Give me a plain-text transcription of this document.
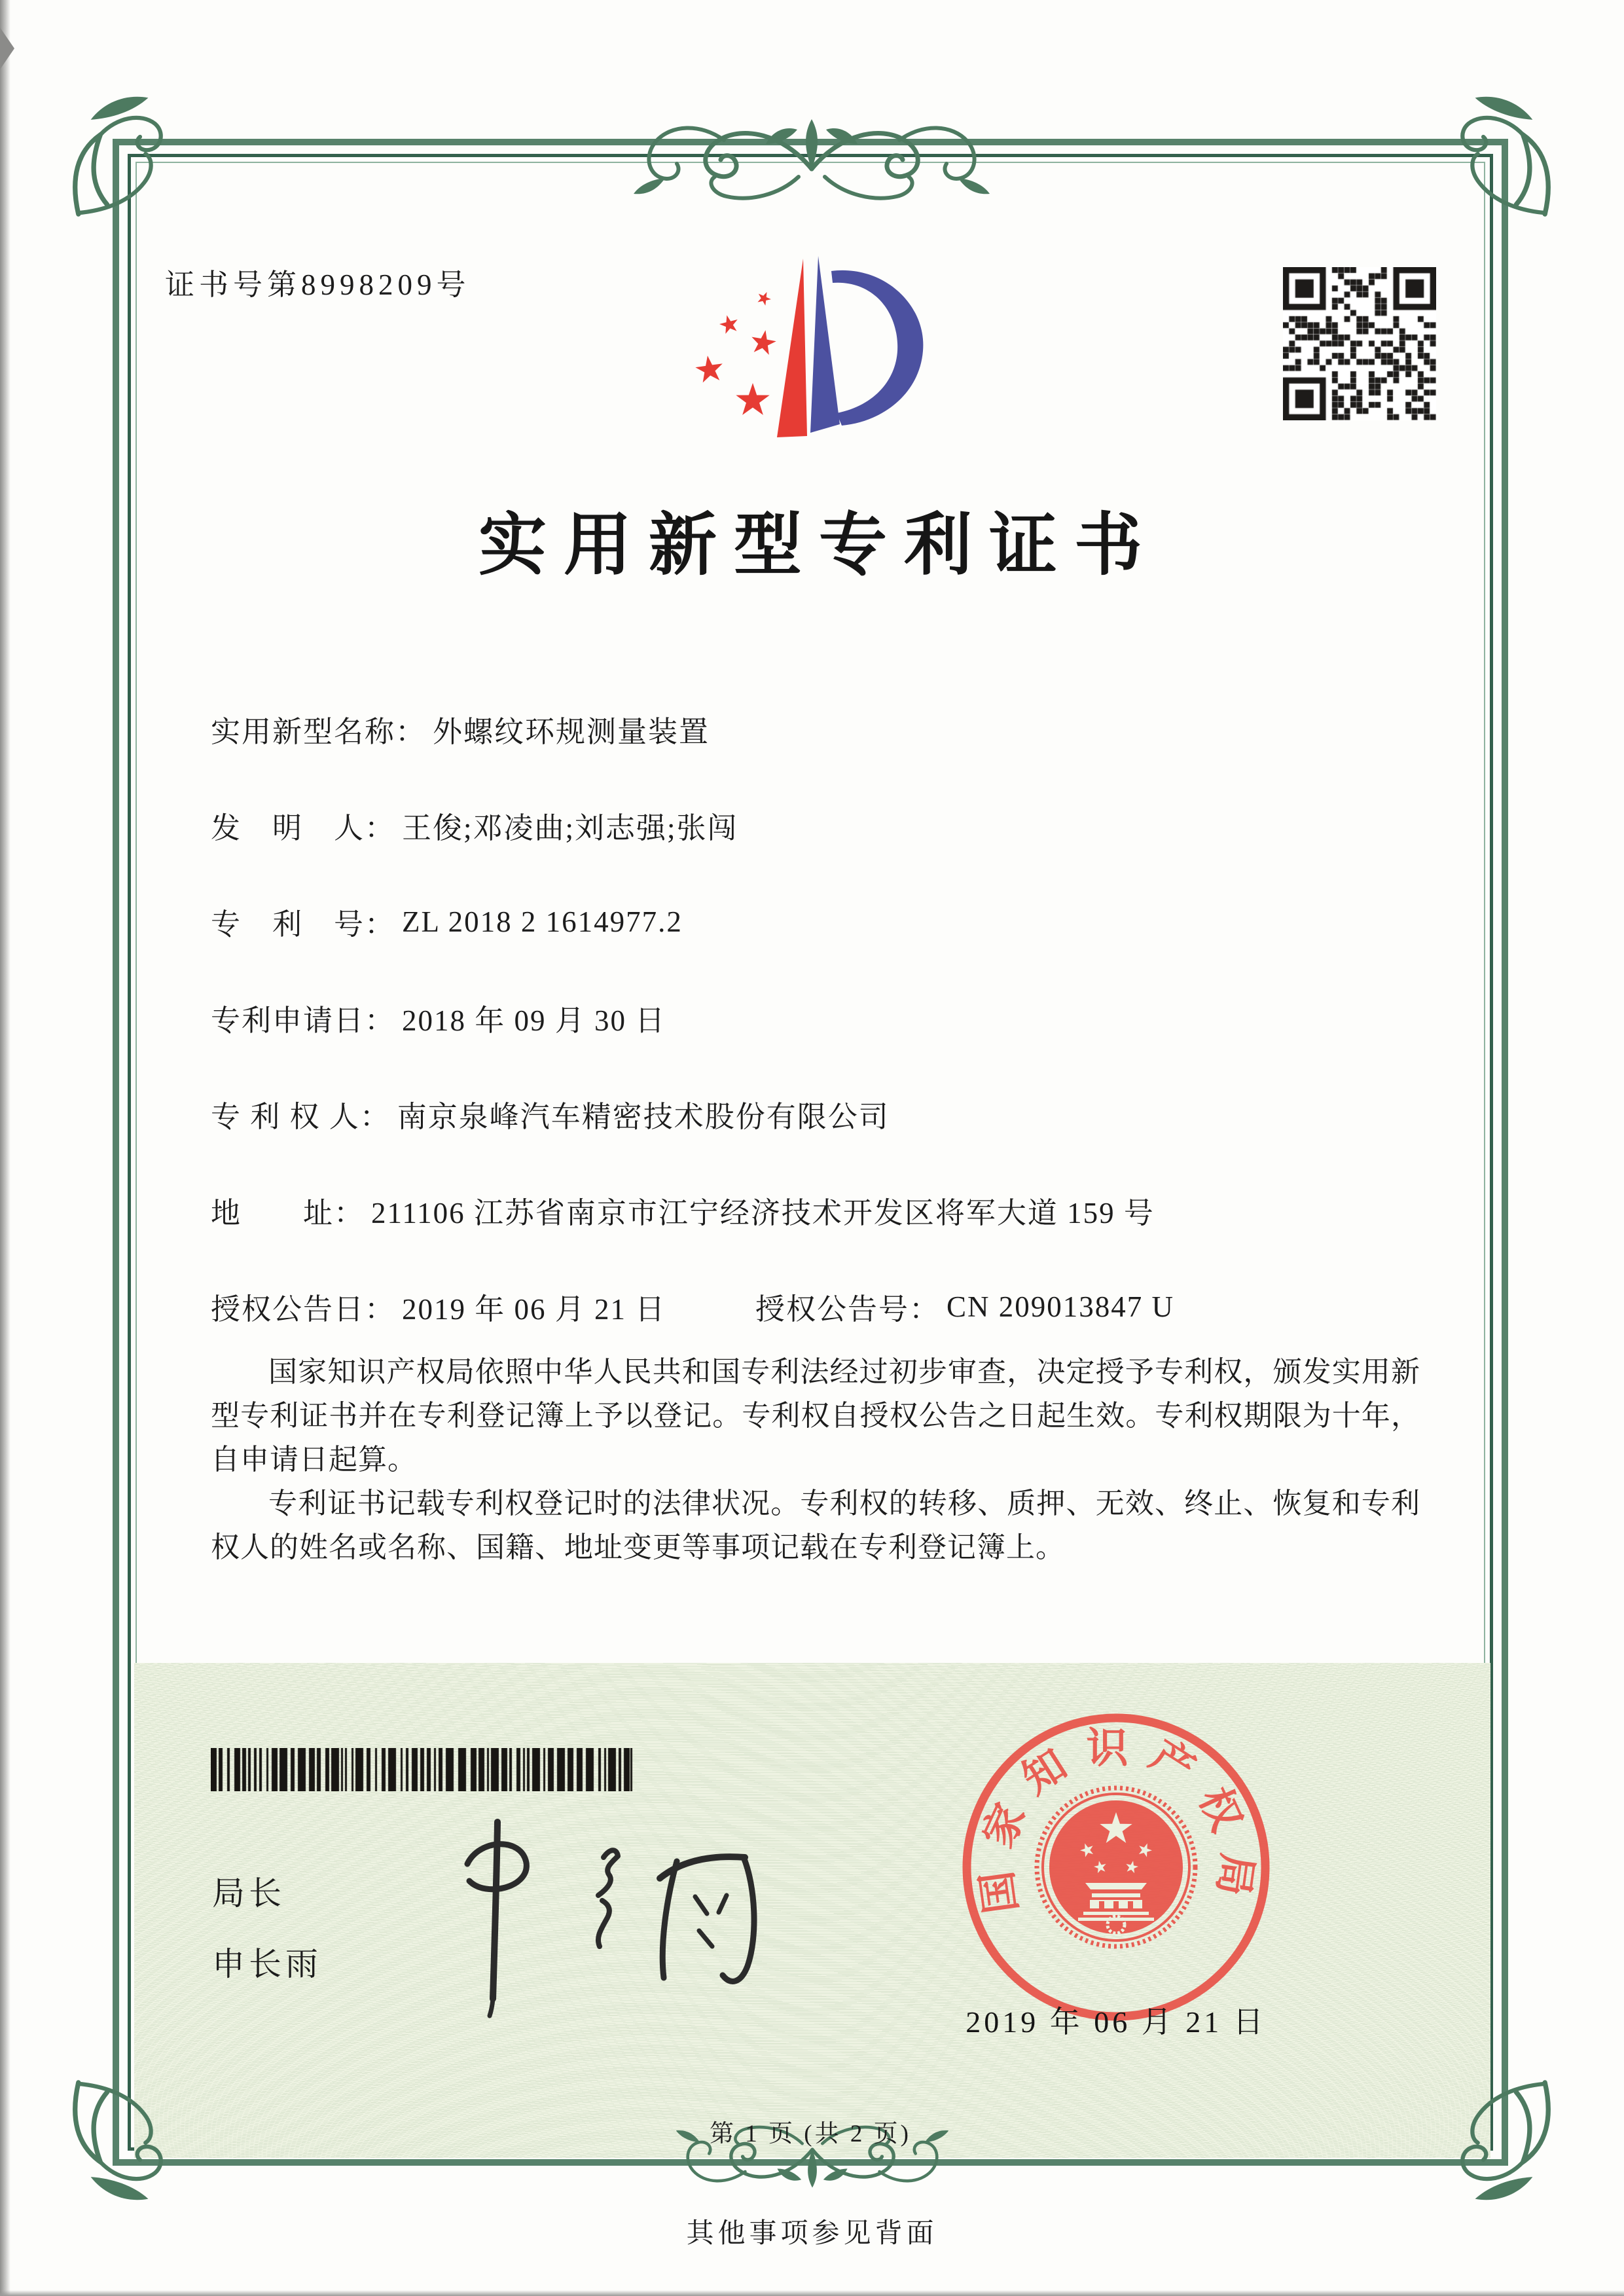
证书号第8998209号
实用新型专利证书
实用新型名称： 外螺纹环规测量装置
发　明　人： 王俊;邓凌曲;刘志强;张闯
专　利　号： ZL 2018 2 1614977.2
专利申请日： 2018 年 09 月 30 日
专 利 权 人： 南京泉峰汽车精密技术股份有限公司
地　　址： 211106 江苏省南京市江宁经济技术开发区将军大道 159 号
授权公告日： 2019 年 06 月 21 日	授权公告号： CN 209013847 U

国家知识产权局依照中华人民共和国专利法经过初步审查，决定授予专利权，颁发实用新型专利证书并在专利登记簿上予以登记。专利权自授权公告之日起生效。专利权期限为十年，自申请日起算。

专利证书记载专利权登记时的法律状况。专利权的转移、质押、无效、终止、恢复和专利权人的姓名或名称、国籍、地址变更等事项记载在专利登记簿上。

局长
申长雨
国家知识产权局
2019 年 06 月 21 日
第 1 页 (共 2 页)
其他事项参见背面
